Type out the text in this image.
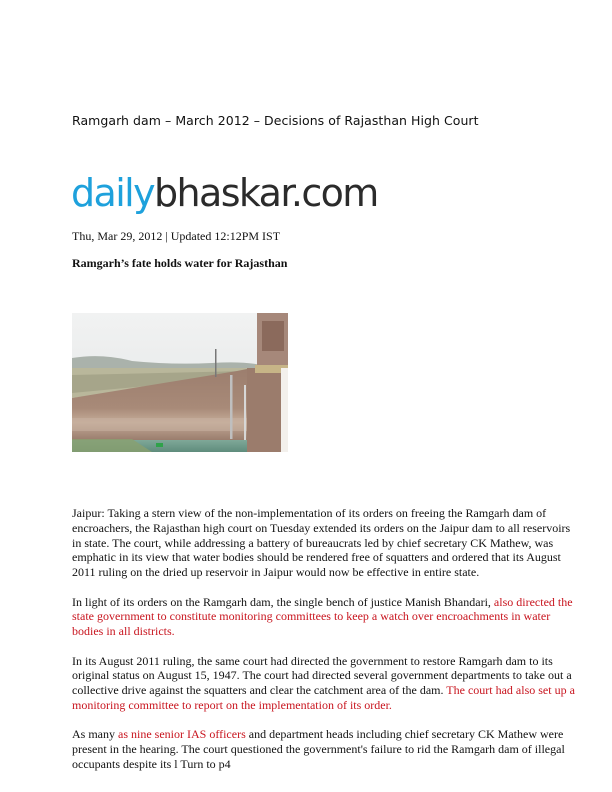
Ramgarh dam – March 2012 – Decisions of Rajasthan High Court
dailybhaskar.com
Thu, Mar 29, 2012 | Updated 12:12PM IST
Ramgarh’s fate holds water for Rajasthan

Jaipur: Taking a stern view of the non-implementation of its orders on freeing the Ramgarh dam of encroachers, the Rajasthan high court on Tuesday extended its orders on the Jaipur dam to all reservoirs in state. The court, while addressing a battery of bureaucrats led by chief secretary CK Mathew, was emphatic in its view that water bodies should be rendered free of squatters and ordered that its August 2011 ruling on the dried up reservoir in Jaipur would now be effective in entire state.

In light of its orders on the Ramgarh dam, the single bench of justice Manish Bhandari, also directed the state government to constitute monitoring committees to keep a watch over encroachments in water bodies in all districts.

In its August 2011 ruling, the same court had directed the government to restore Ramgarh dam to its original status on August 15, 1947. The court had directed several government departments to take out a collective drive against the squatters and clear the catchment area of the dam. The court had also set up a monitoring committee to report on the implementation of its order.

As many as nine senior IAS officers and department heads including chief secretary CK Mathew were present in the hearing. The court questioned the government's failure to rid the Ramgarh dam of illegal occupants despite its l Turn to p4
